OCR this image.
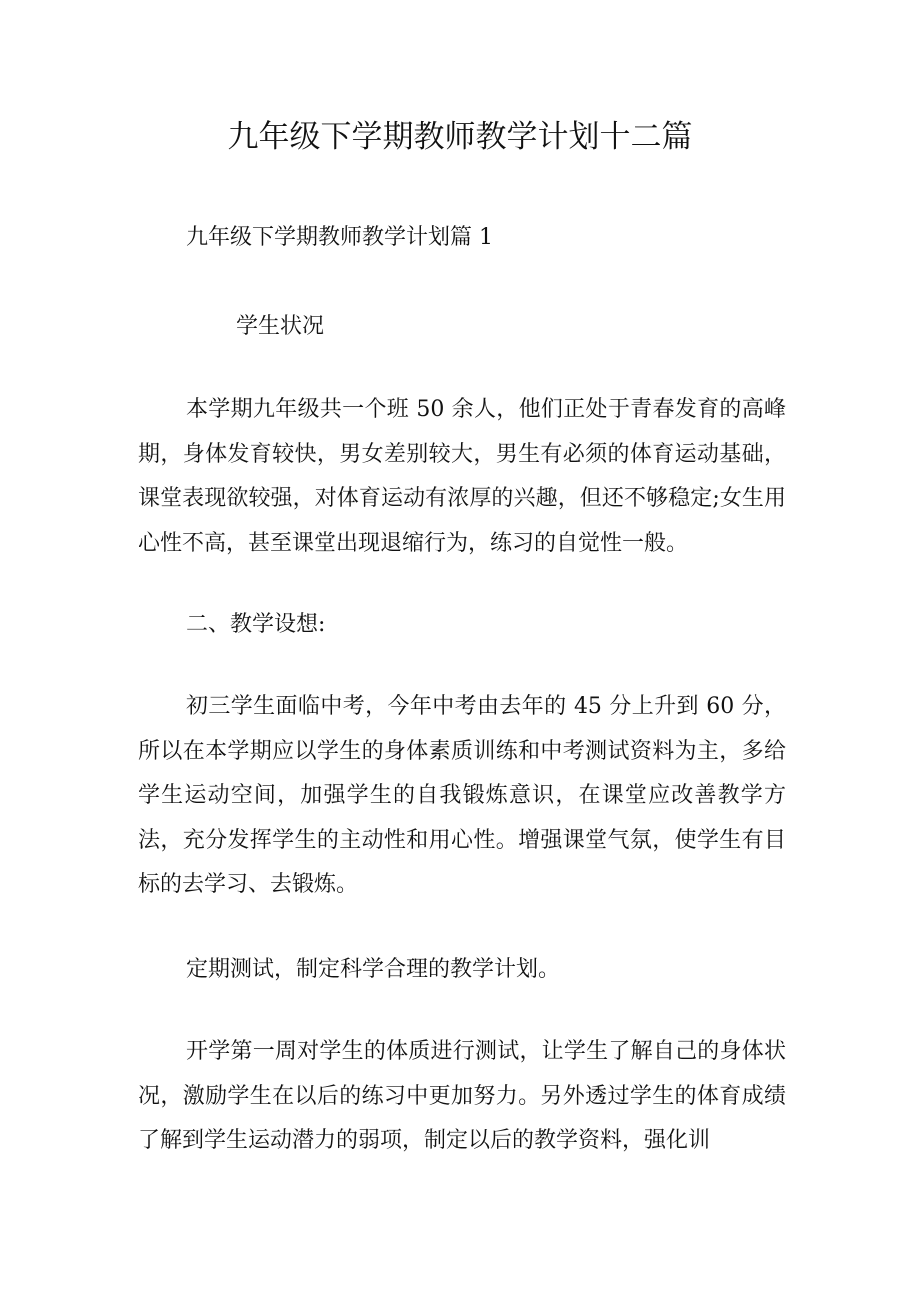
九年级下学期教师教学计划十二篇

九年级下学期教师教学计划篇 1

学生状况

本学期九年级共一个班 50 余人，他们正处于青春发育的高峰期，身体发育较快，男女差别较大，男生有必须的体育运动基础，课堂表现欲较强，对体育运动有浓厚的兴趣，但还不够稳定;女生用心性不高，甚至课堂出现退缩行为，练习的自觉性一般。

二、教学设想:

初三学生面临中考，今年中考由去年的 45 分上升到 60 分，所以在本学期应以学生的身体素质训练和中考测试资料为主，多给学生运动空间，加强学生的自我锻炼意识，在课堂应改善教学方法，充分发挥学生的主动性和用心性。增强课堂气氛，使学生有目标的去学习、去锻炼。

定期测试，制定科学合理的教学计划。

开学第一周对学生的体质进行测试，让学生了解自己的身体状况，激励学生在以后的练习中更加努力。另外透过学生的体育成绩了解到学生运动潜力的弱项，制定以后的教学资料，强化训
